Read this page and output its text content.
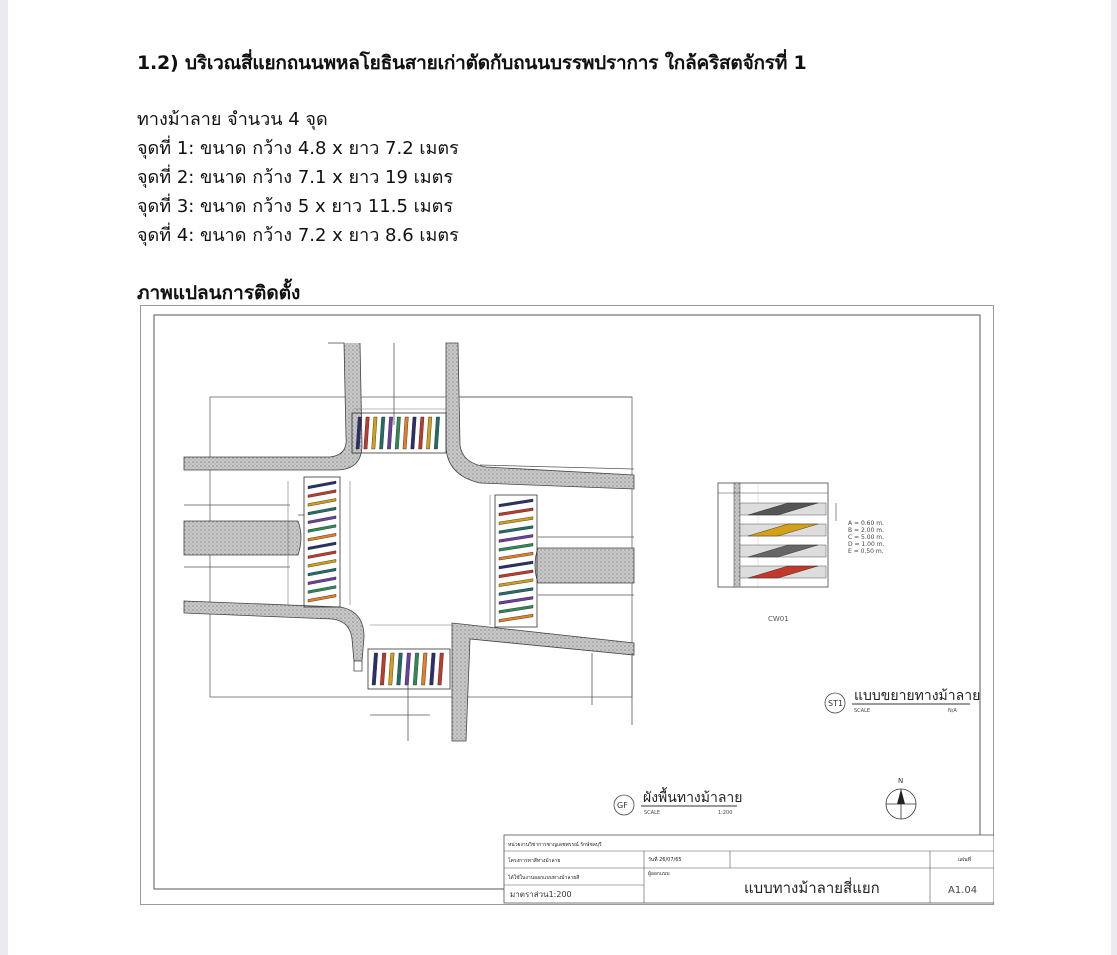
1.2) บริเวณสี่แยกถนนพหลโยธินสายเก่าตัดกับถนนบรรพปราการ ใกล้คริสตจักรที่ 1
ทางม้าลาย จำนวน 4 จุด
จุดที่ 1: ขนาด กว้าง 4.8 x ยาว 7.2 เมตร
จุดที่ 2: ขนาด กว้าง 7.1 x ยาว 19 เมตร
จุดที่ 3: ขนาด กว้าง 5 x ยาว 11.5 เมตร
จุดที่ 4: ขนาด กว้าง 7.2 x ยาว 8.6 เมตร
ภาพแปลนการติดตั้ง
A = 0.60 m.
B = 2.00 m.
C = 5.00 m.
D = 1.00 m.
E = 0.50 m.
CW01
ST1 แบบขยายทางม้าลาย
SCALE	N/A
GF ผังพื้นทางม้าลาย
SCALE	1:200
N
หน่วยงานวิชาการชาญเดชพรรณ์ รักษ์ชลบุรี
โครงการทาสีทางม้าลาย
ได้ใช้ในงานออกแบบทางม้าลายสี
วันที่ 26/07/65
ผู้ออกแบบ
มาตราส่วน1:200
แผ่นที่
แบบทางม้าลายสี่แยก	A1.04
